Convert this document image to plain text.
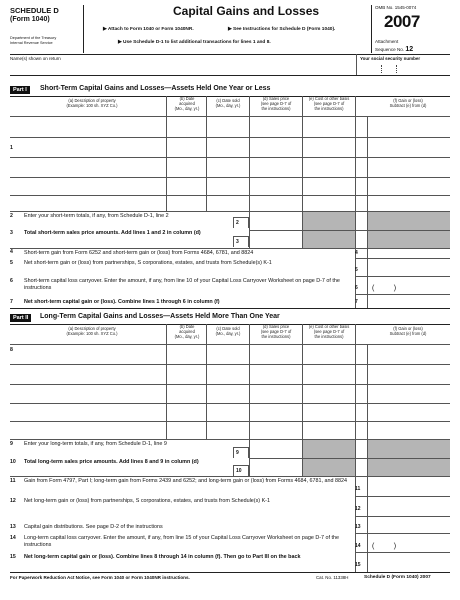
SCHEDULE D
(Form 1040)
Department of the Treasury
Internal Revenue Service
Capital Gains and Losses
▶ Attach to Form 1040 or Form 1040NR.	▶ See Instructions for Schedule D (Form 1040).
▶ Use Schedule D-1 to list additional transactions for lines 1 and 8.
OMB No. 1545-0074
2007
Attachment
Sequence No. 12
Name(s) shown on return	Your social security number
Part I	Short-Term Capital Gains and Losses—Assets Held One Year or Less
(a) Description of property
(Example: 100 sh. XYZ Co.)
(b) Date
acquired
(Mo., day, yr.)
(c) Date sold
(Mo., day, yr.)
(d) Sales price
(see page D-7 of
the instructions)
(e) Cost or other basis
(see page D-7 of
the instructions)
(f) Gain or (loss)
Subtract (e) from (d)
1
2 Enter your short-term totals, if any, from Schedule D-1, line 2
2
3 Total short-term sales price amounts. Add lines 1 and 2 in column (d)
3
4 Short-term gain from Form 6252 and short-term gain or (loss) from Forms 4684, 6781, and 8824	4
5 Net short-term gain or (loss) from partnerships, S corporations, estates, and trusts from Schedule(s) K-1
5
6 Short-term capital loss carryover. Enter the amount, if any, from line 10 of your Capital Loss Carryover Worksheet on page D-7 of the instructions	6 (          )
7 Net short-term capital gain or (loss). Combine lines 1 through 6 in column (f)	7
Part II	Long-Term Capital Gains and Losses—Assets Held More Than One Year
(a) Description of property
(Example: 100 sh. XYZ Co.)
(b) Date
acquired
(Mo., day, yr.)
(c) Date sold
(Mo., day, yr.)
(d) Sales price
(see page D-7 of
the instructions)
(e) Cost or other basis
(see page D-7 of
the instructions)
(f) Gain or (loss)
Subtract (e) from (d)
8
9 Enter your long-term totals, if any, from Schedule D-1, line 9
9
10 Total long-term sales price amounts. Add lines 8 and 9 in column (d)
10
11 Gain from Form 4797, Part I; long-term gain from Forms 2439 and 6252; and long-term gain or (loss) from Forms 4684, 6781, and 8824
11
12 Net long-term gain or (loss) from partnerships, S corporations, estates, and trusts from Schedule(s) K-1
12
13 Capital gain distributions. See page D-2 of the instructions	13
14 Long-term capital loss carryover. Enter the amount, if any, from line 15 of your Capital Loss Carryover Worksheet on page D-7 of the instructions	14 (          )
15 Net long-term capital gain or (loss). Combine lines 8 through 14 in column (f). Then go to Part III on the back
15
For Paperwork Reduction Act Notice, see Form 1040 or Form 1040NR instructions.	Cat. No. 11338H	Schedule D (Form 1040) 2007
